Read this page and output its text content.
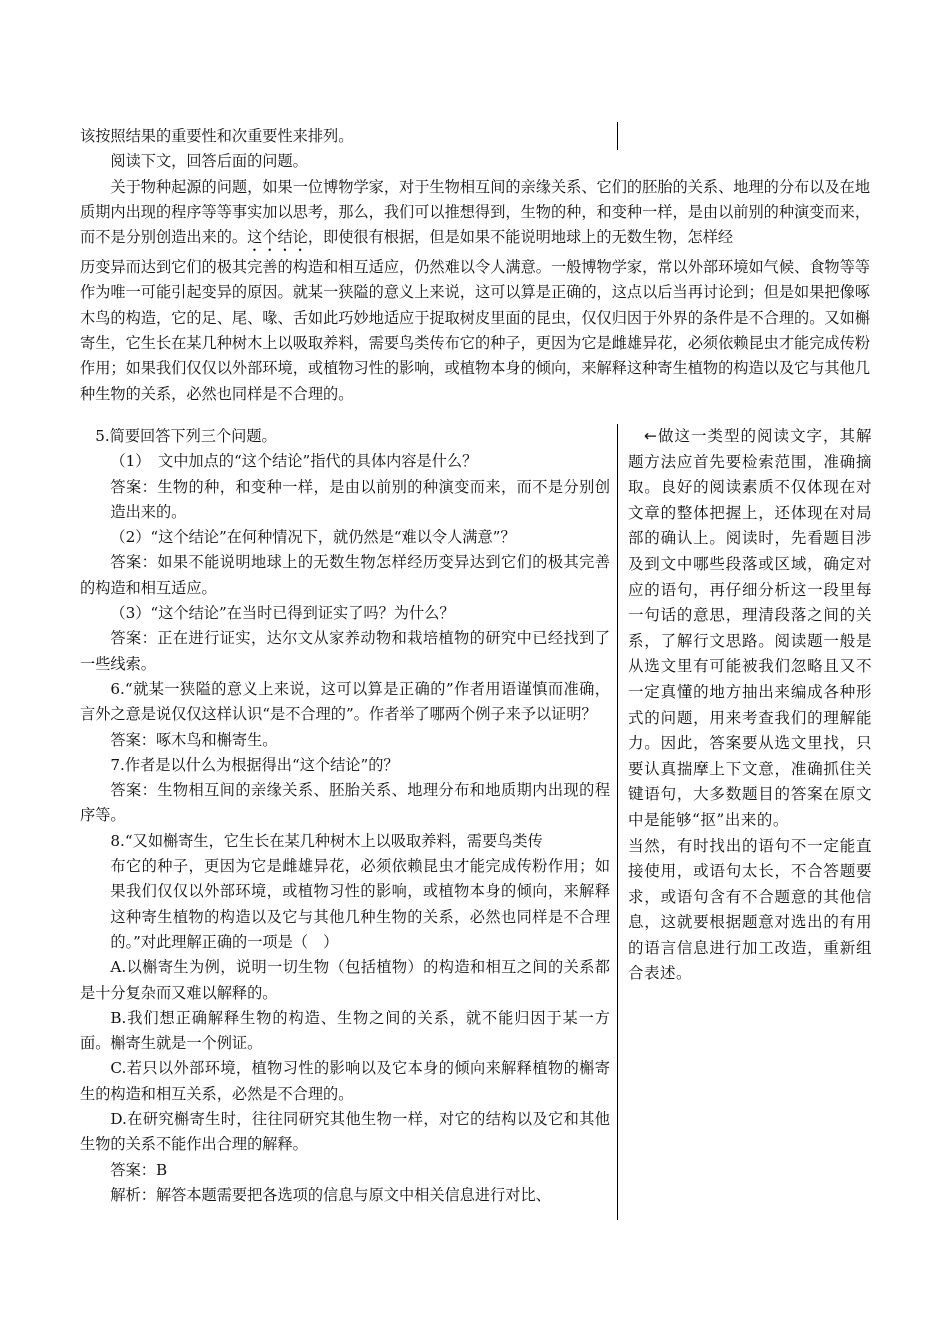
该按照结果的重要性和次重要性来排列。

阅读下文，回答后面的问题。

关于物种起源的问题，如果一位博物学家，对于生物相互间的亲缘关系、它们的胚胎的关系、地理的分布以及在地质期内出现的程序等等事实加以思考，那么，我们可以推想得到，生物的种，和变种一样，是由以前别的种演变而来，而不是分别创造出来的。这个结论，即使很有根据，但是如果不能说明地球上的无数生物，怎样经

历变异而达到它们的极其完善的构造和相互适应，仍然难以令人满意。一般博物学家，常以外部环境如气候、食物等等作为唯一可能引起变异的原因。就某一狭隘的意义上来说，这可以算是正确的，这点以后当再讨论到；但是如果把像啄木鸟的构造，它的足、尾、喙、舌如此巧妙地适应于捉取树皮里面的昆虫，仅仅归因于外界的条件是不合理的。又如槲寄生，它生长在某几种树木上以吸取养料，需要鸟类传布它的种子，更因为它是雌雄异花，必须依赖昆虫才能完成传粉作用；如果我们仅仅以外部环境，或植物习性的影响，或植物本身的倾向，来解释这种寄生植物的构造以及它与其他几种生物的关系，必然也同样是不合理的。

5.简要回答下列三个问题。

（1）　文中加点的“这个结论”指代的具体内容是什么？

答案：生物的种，和变种一样，是由以前别的种演变而来，而不是分别创造出来的。

（2）“这个结论”在何种情况下，就仍然是“难以令人满意”？

答案：如果不能说明地球上的无数生物怎样经历变异达到它们的极其完善的构造和相互适应。

（3）“这个结论”在当时已得到证实了吗？为什么？

答案：正在进行证实，达尔文从家养动物和栽培植物的研究中已经找到了一些线索。

6.“就某一狭隘的意义上来说，这可以算是正确的”作者用语谨慎而准确，言外之意是说仅仅这样认识“是不合理的”。作者举了哪两个例子来予以证明？

答案：啄木鸟和槲寄生。

7.作者是以什么为根据得出“这个结论”的？

答案：生物相互间的亲缘关系、胚胎关系、地理分布和地质期内出现的程序等。

8.“又如槲寄生，它生长在某几种树木上以吸取养料，需要鸟类传

布它的种子，更因为它是雌雄异花，必须依赖昆虫才能完成传粉作用；如果我们仅仅以外部环境，或植物习性的影响，或植物本身的倾向，来解释这种寄生植物的构造以及它与其他几种生物的关系，必然也同样是不合理的。”对此理解正确的一项是（　）

A.以槲寄生为例，说明一切生物（包括植物）的构造和相互之间的关系都是十分复杂而又难以解释的。

B.我们想正确解释生物的构造、生物之间的关系，就不能归因于某一方面。槲寄生就是一个例证。

C.若只以外部环境，植物习性的影响以及它本身的倾向来解释植物的槲寄生的构造和相互关系，必然是不合理的。

D.在研究槲寄生时，往往同研究其他生物一样，对它的结构以及它和其他生物的关系不能作出合理的解释。

答案：B

解析：解答本题需要把各选项的信息与原文中相关信息进行对比、

←做这一类型的阅读文字，其解题方法应首先要检索范围，准确摘取。良好的阅读素质不仅体现在对文章的整体把握上，还体现在对局部的确认上。阅读时，先看题目涉及到文中哪些段落或区域，确定对应的语句，再仔细分析这一段里每一句话的意思，理清段落之间的关系，了解行文思路。阅读题一般是从选文里有可能被我们忽略且又不一定真懂的地方抽出来编成各种形式的问题，用来考查我们的理解能力。因此，答案要从选文里找，只要认真揣摩上下文意，准确抓住关键语句，大多数题目的答案在原文中是能够“抠”出来的。

当然，有时找出的语句不一定能直接使用，或语句太长，不合答题要求，或语句含有不合题意的其他信息，这就要根据题意对选出的有用的语言信息进行加工改造，重新组合表述。
